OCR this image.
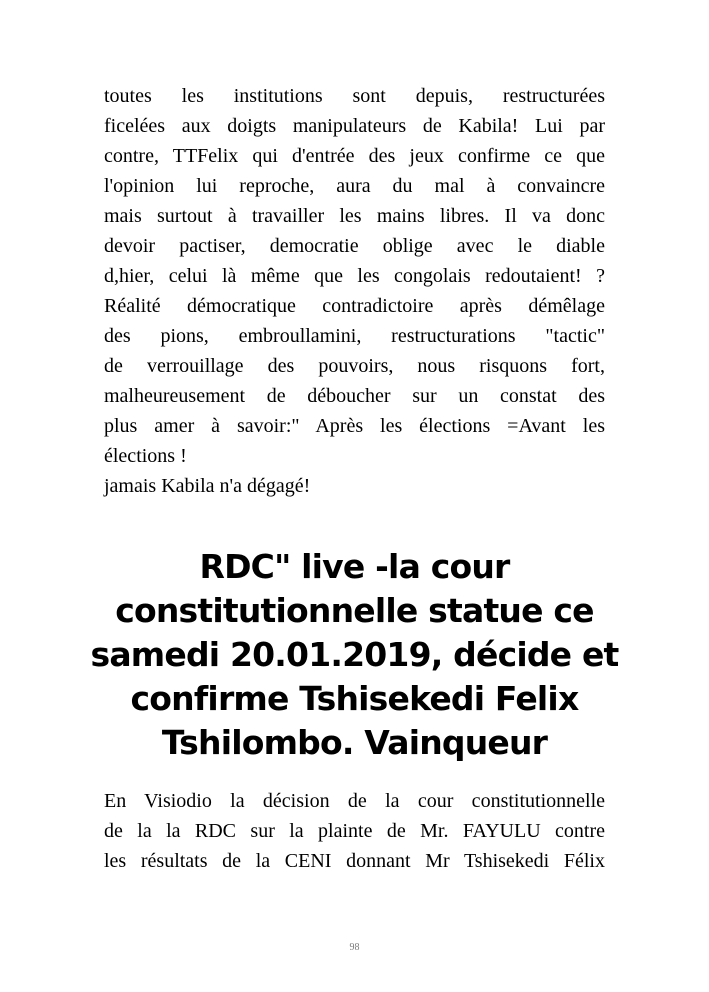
toutes les institutions sont depuis, restructurées

ficelées aux doigts manipulateurs de Kabila! Lui par

contre, TTFelix qui d'entrée des jeux confirme ce que

l'opinion lui reproche, aura du mal à convaincre

mais surtout à travailler les mains libres. Il va donc

devoir pactiser, democratie oblige avec le diable

d,hier, celui là même que les congolais redoutaient! ?

Réalité démocratique contradictoire après démêlage

des pions, embroullamini, restructurations "tactic"

de verrouillage des pouvoirs, nous risquons fort,

malheureusement de déboucher sur un constat des

plus amer à savoir:" Après les élections =Avant les

élections !

jamais Kabila n'a dégagé!

RDC" live -la cour
constitutionnelle statue ce
samedi 20.01.2019, décide et
confirme Tshisekedi Felix
Tshilombo. Vainqueur

En Visiodio la décision de la cour constitutionnelle

de la la RDC sur la plainte de Mr. FAYULU contre

les résultats de la CENI donnant Mr Tshisekedi Félix

98
